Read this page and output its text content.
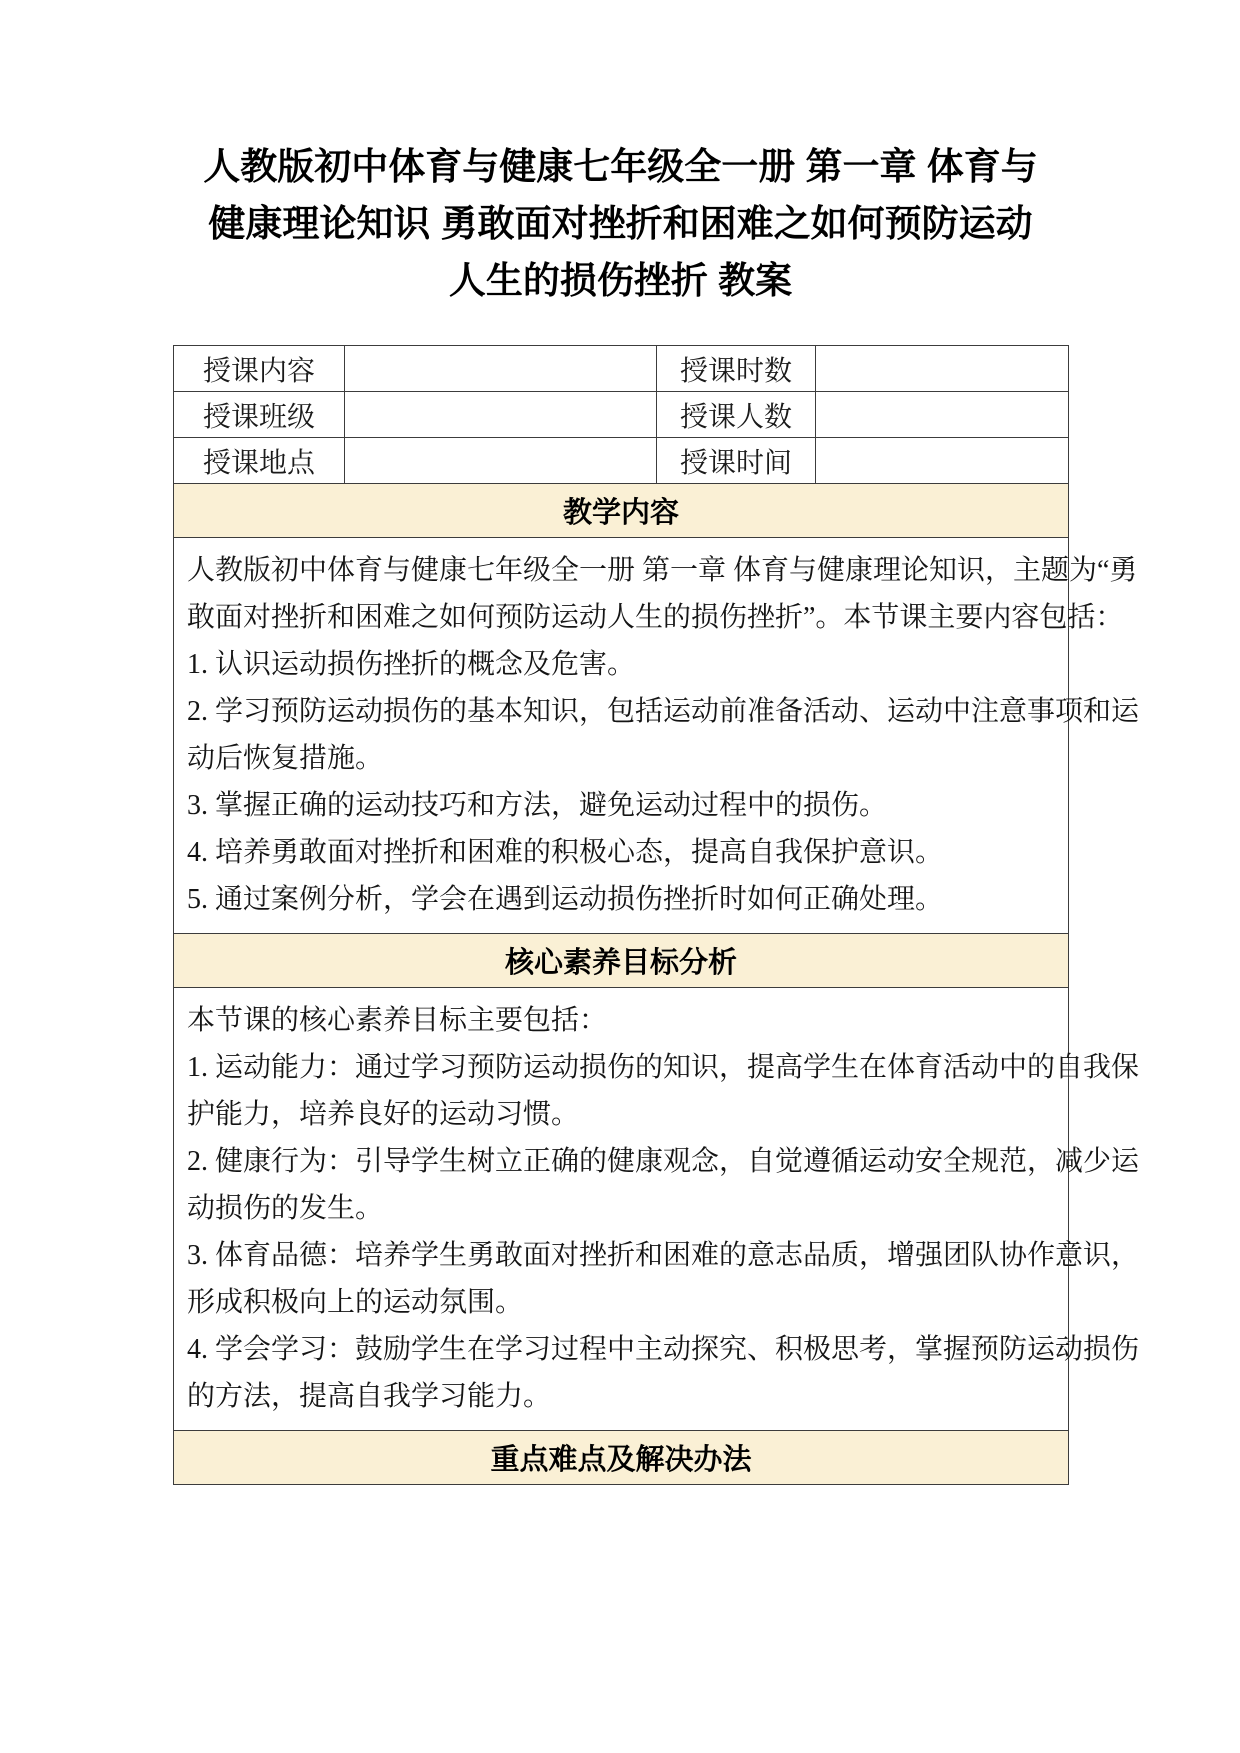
人教版初中体育与健康七年级全一册 第一章 体育与
健康理论知识 勇敢面对挫折和困难之如何预防运动
人生的损伤挫折 教案
授课内容		授课时数	
授课班级		授课人数	
授课地点		授课时间	
教学内容			

人教版初中体育与健康七年级全一册 第一章 体育与健康理论知识，主题为“勇
敢面对挫折和困难之如何预防运动人生的损伤挫折”。本节课主要内容包括：
1. 认识运动损伤挫折的概念及危害。
2. 学习预防运动损伤的基本知识，包括运动前准备活动、运动中注意事项和运
动后恢复措施。
3. 掌握正确的运动技巧和方法，避免运动过程中的损伤。
4. 培养勇敢面对挫折和困难的积极心态，提高自我保护意识。
5. 通过案例分析，学会在遇到运动损伤挫折时如何正确处理。

核心素养目标分析			

本节课的核心素养目标主要包括：
1. 运动能力：通过学习预防运动损伤的知识，提高学生在体育活动中的自我保
护能力，培养良好的运动习惯。
2. 健康行为：引导学生树立正确的健康观念，自觉遵循运动安全规范，减少运
动损伤的发生。
3. 体育品德：培养学生勇敢面对挫折和困难的意志品质，增强团队协作意识，
形成积极向上的运动氛围。
4. 学会学习：鼓励学生在学习过程中主动探究、积极思考，掌握预防运动损伤
的方法，提高自我学习能力。

重点难点及解决办法			
